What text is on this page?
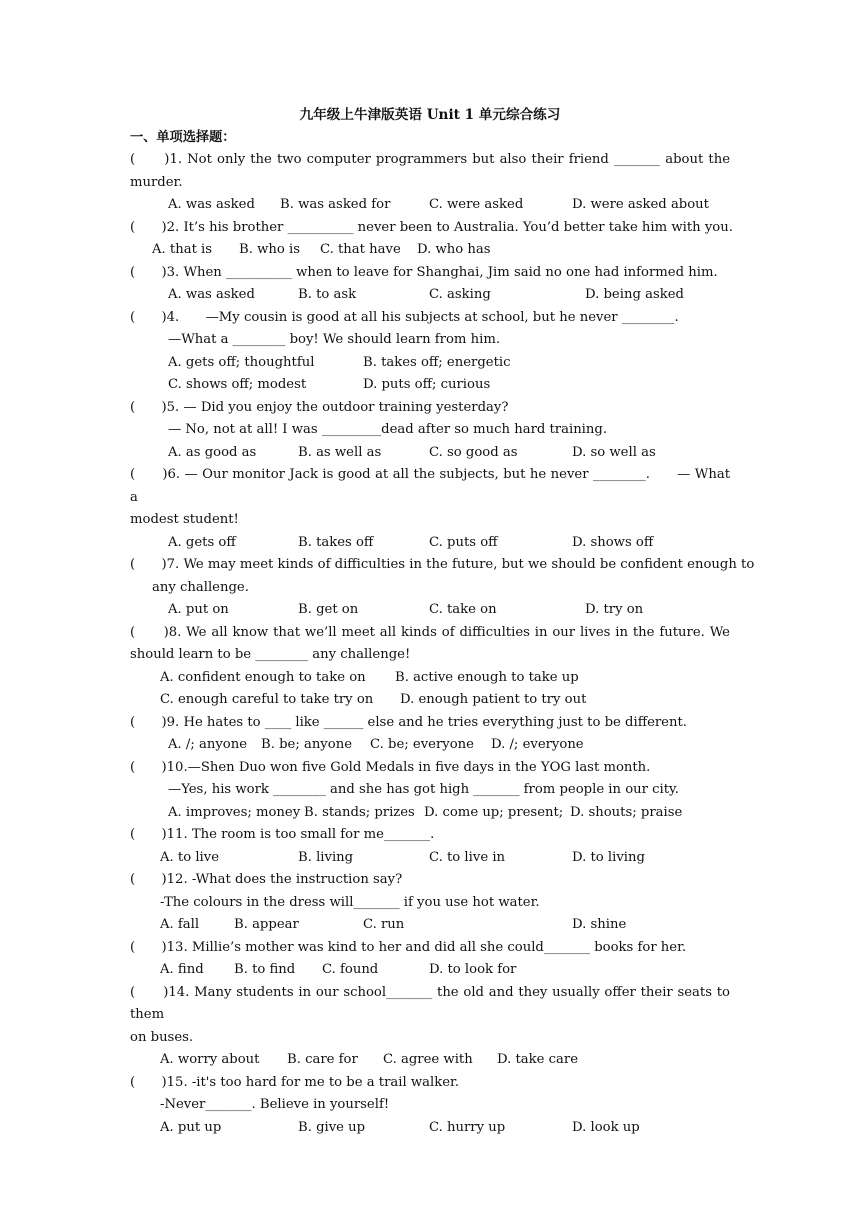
九年级上牛津版英语 Unit 1 单元综合练习
一、单项选择题：
(　　)1. Not only the two computer programmers but also their friend _______ about the
murder.
A. was asked	B. was asked for	C. were asked	D. were asked about
(　　)2. It’s his brother __________ never been to Australia. You’d better take him with you.
A. that is	B. who is	C. that have	D. who has
(　　)3. When __________ when to leave for Shanghai, Jim said no one had informed him.
A. was asked	B. to ask	C. asking	D. being asked
(　　)4.　　—My cousin is good at all his subjects at school, but he never ________.
—What a ________ boy! We should learn from him.
A. gets off; thoughtful	B. takes off; energetic
C. shows off; modest	D. puts off; curious
(　　)5. — Did you enjoy the outdoor training yesterday?
— No, not at all! I was _________dead after so much hard training.
A. as good as	B. as well as	C. so good as	D. so well as
(　　)6. — Our monitor Jack is good at all the subjects, but he never ________.　　— What a
modest student!
A. gets off	B. takes off	C. puts off	D. shows off
(　　)7. We may meet kinds of difficulties in the future, but we should be confident enough to
any challenge.
A. put on	B. get on	C. take on	D. try on
(　　)8. We all know that we’ll meet all kinds of difficulties in our lives in the future. We
should learn to be ________ any challenge!
A. confident enough to take on	B. active enough to take up
C. enough careful to take try on	D. enough patient to try out
(　　)9. He hates to ____ like ______ else and he tries everything just to be different.
A. /; anyone	B. be; anyone	C. be; everyone	D. /; everyone
(　　)10.—Shen Duo won five Gold Medals in five days in the YOG last month.
—Yes, his work ________ and she has got high _______ from people in our city.
A. improves; money B. stands; prizes D. come up; present; D. shouts; praise
(　　)11. The room is too small for me_______.
A. to live	B. living	C. to live in	D. to living
(　　)12. -What does the instruction say?
-The colours in the dress will_______ if you use hot water.
A. fall	B. appear	C. run	D. shine
(　　)13. Millie’s mother was kind to her and did all she could_______ books for her.
A. find	B. to find	C. found	D. to look for
(　　)14. Many students in our school_______ the old and they usually offer their seats to them
on buses.
A. worry about	B. care for	C. agree with	D. take care
(　　)15. -it's too hard for me to be a trail walker.
-Never_______. Believe in yourself!
A. put up	B. give up	C. hurry up	D. look up
